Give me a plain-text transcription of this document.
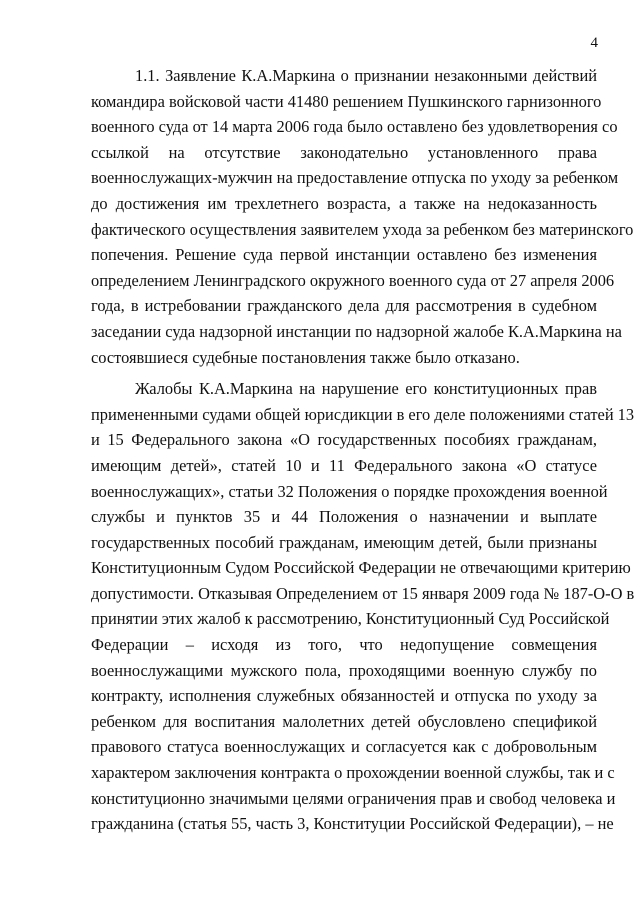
4
1.1. Заявление К.А.Маркина о признании незаконными действий
командира войсковой части 41480 решением Пушкинского гарнизонного
военного суда от 14 марта 2006 года было оставлено без удовлетворения со
ссылкой на отсутствие законодательно установленного права
военнослужащих-мужчин на предоставление отпуска по уходу за ребенком
до достижения им трехлетнего возраста, а также на недоказанность
фактического осуществления заявителем ухода за ребенком без материнского
попечения. Решение суда первой инстанции оставлено без изменения
определением Ленинградского окружного военного суда от 27 апреля 2006
года, в истребовании гражданского дела для рассмотрения в судебном
заседании суда надзорной инстанции по надзорной жалобе К.А.Маркина на
состоявшиеся судебные постановления также было отказано.
Жалобы К.А.Маркина на нарушение его конституционных прав
примененными судами общей юрисдикции в его деле положениями статей 13
и 15 Федерального закона «О государственных пособиях гражданам,
имеющим детей», статей 10 и 11 Федерального закона «О статусе
военнослужащих», статьи 32 Положения о порядке прохождения военной
службы и пунктов 35 и 44 Положения о назначении и выплате
государственных пособий гражданам, имеющим детей, были признаны
Конституционным Судом Российской Федерации не отвечающими критерию
допустимости. Отказывая Определением от 15 января 2009 года № 187-О-О в
принятии этих жалоб к рассмотрению, Конституционный Суд Российской
Федерации – исходя из того, что недопущение совмещения
военнослужащими мужского пола, проходящими военную службу по
контракту, исполнения служебных обязанностей и отпуска по уходу за
ребенком для воспитания малолетних детей обусловлено спецификой
правового статуса военнослужащих и согласуется как с добровольным
характером заключения контракта о прохождении военной службы, так и с
конституционно значимыми целями ограничения прав и свобод человека и
гражданина (статья 55, часть 3, Конституции Российской Федерации), – не
